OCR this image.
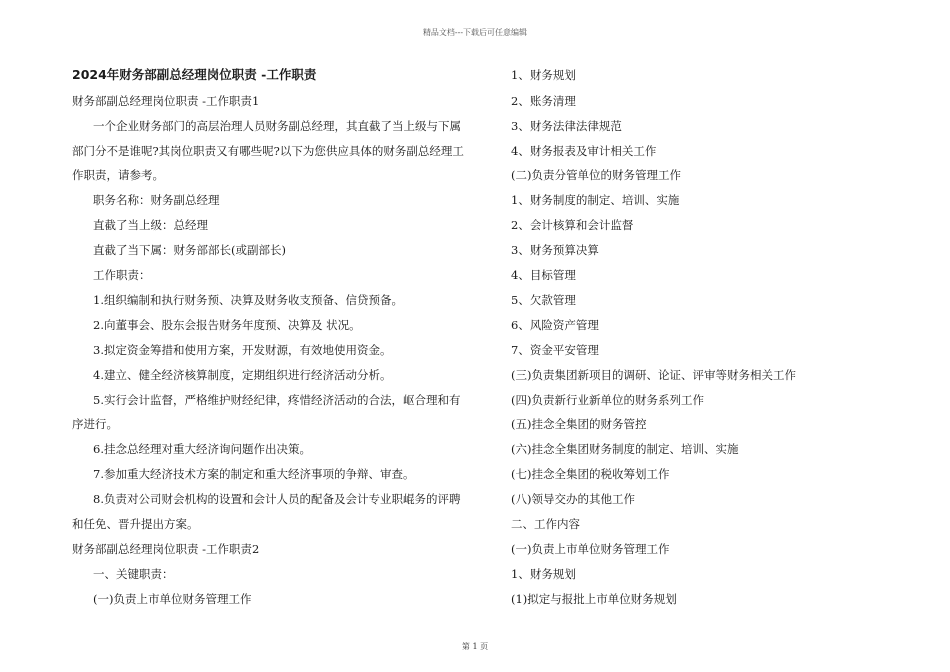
精品文档---下载后可任意编辑
2024年财务部副总经理岗位职责 -工作职责
财务部副总经理岗位职责 -工作职责1
一个企业财务部门的高层治理人员财务副总经理，其直截了当上级与下属
部门分不是谁呢?其岗位职责又有哪些呢?以下为您供应具体的财务副总经理工
作职责，请参考。
职务名称：财务副总经理
直截了当上级：总经理
直截了当下属：财务部部长(或副部长)
工作职责：
1.组织编制和执行财务预、决算及财务收支预备、信贷预备。
2.向董事会、股东会报告财务年度预、决算及 状况。
3.拟定资金筹措和使用方案，开发财源，有效地使用资金。
4.建立、健全经济核算制度，定期组织进行经济活动分析。
5.实行会计监督，严格维护财经纪律，疼惜经济活动的合法，岖合理和有
序进行。
6.挂念总经理对重大经济询问题作出决策。
7.参加重大经济技术方案的制定和重大经济事项的争辩、审查。
8.负责对公司财会机构的设置和会计人员的配备及会计专业职崐务的评聘
和任免、晋升提出方案。
财务部副总经理岗位职责 -工作职责2
一、关键职责：
(一)负责上市单位财务管理工作
1、财务规划
2、账务清理
3、财务法律法律规范
4、财务报表及审计相关工作
(二)负责分管单位的财务管理工作
1、财务制度的制定、培训、实施
2、会计核算和会计监督
3、财务预算决算
4、目标管理
5、欠款管理
6、风险资产管理
7、资金平安管理
(三)负责集团新项目的调研、论证、评审等财务相关工作
(四)负责新行业新单位的财务系列工作
(五)挂念全集团的财务管控
(六)挂念全集团财务制度的制定、培训、实施
(七)挂念全集团的税收筹划工作
(八)领导交办的其他工作
二、工作内容
(一)负责上市单位财务管理工作
1、财务规划
(1)拟定与报批上市单位财务规划
第 1 页
